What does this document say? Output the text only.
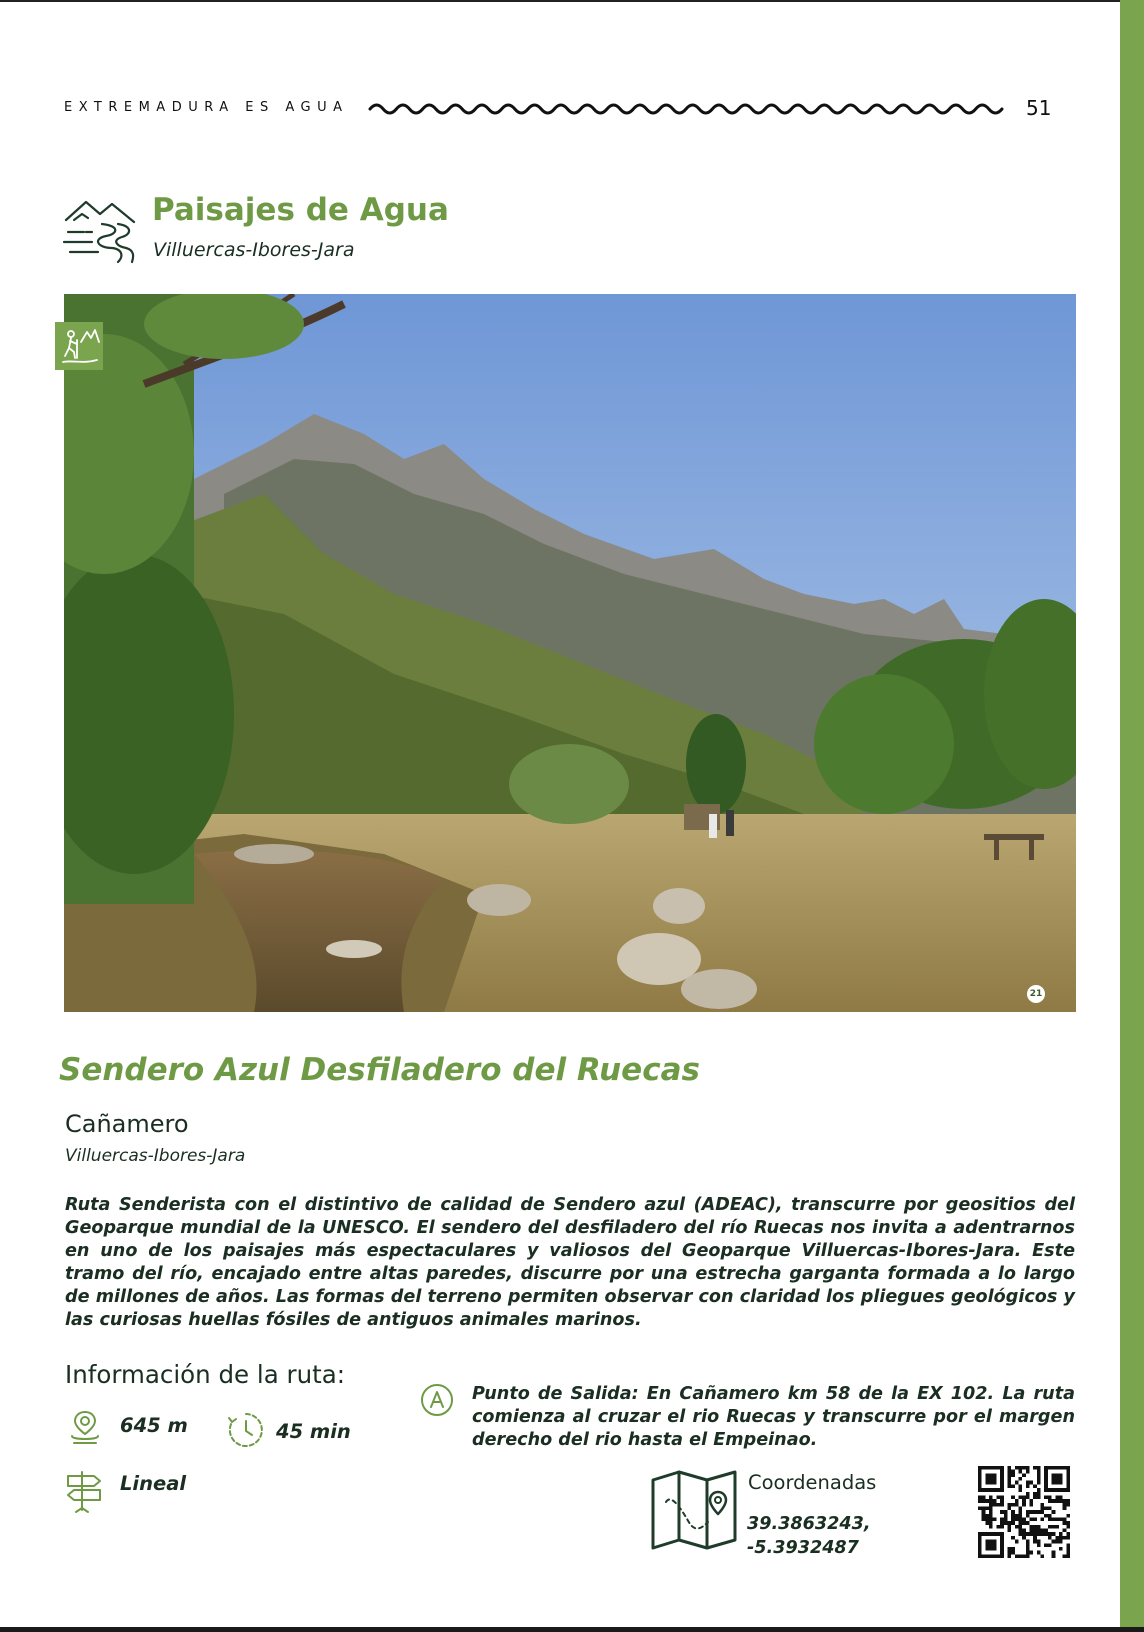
EXTREMADURA ES AGUA	51
Paisajes de Agua
Villuercas-Ibores-Jara
21
Sendero Azul Desfiladero del Ruecas
Cañamero
Villuercas-Ibores-Jara
Ruta Senderista con el distintivo de calidad de Sendero azul (ADEAC), transcurre por geositios del Geoparque mundial de la UNESCO. El sendero del desfiladero del río Ruecas nos invita a adentrarnos en uno de los paisajes más espectaculares y valiosos del Geoparque Villuercas-Ibores-Jara. Este tramo del río, encajado entre altas paredes, discurre por una estrecha garganta formada a lo largo de millones de años. Las formas del terreno permiten observar con claridad los pliegues geológicos y las curiosas huellas fósiles de antiguos animales marinos.
Información de la ruta:
645 m	45 min
Lineal
Punto de Salida: En Cañamero km 58 de la EX 102. La ruta comienza al cruzar el rio Ruecas y transcurre por el margen derecho del rio hasta el Empeinao.
Coordenadas
39.3863243,
-5.3932487
